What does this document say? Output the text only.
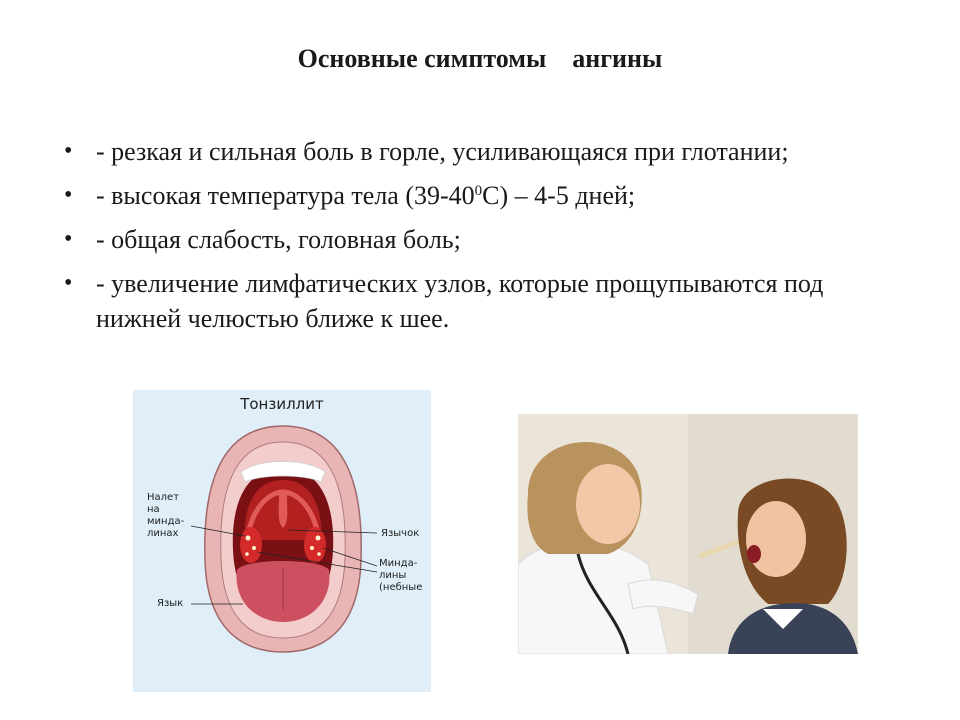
Основные симптомы    ангины
• - резкая и сильная боль в горле, усиливающаяся при глотании;
• - высокая температура тела $(39-40^0С) - 4-5$ дней;
• - общая слабость, головная боль;
• - увеличение лимфатических узлов, которые прощупываются под нижней челюстью ближе к шее.
Тонзиллит
Налет
на
минда-
линах	Язычок
Минда-
лины
(небные
Язык
